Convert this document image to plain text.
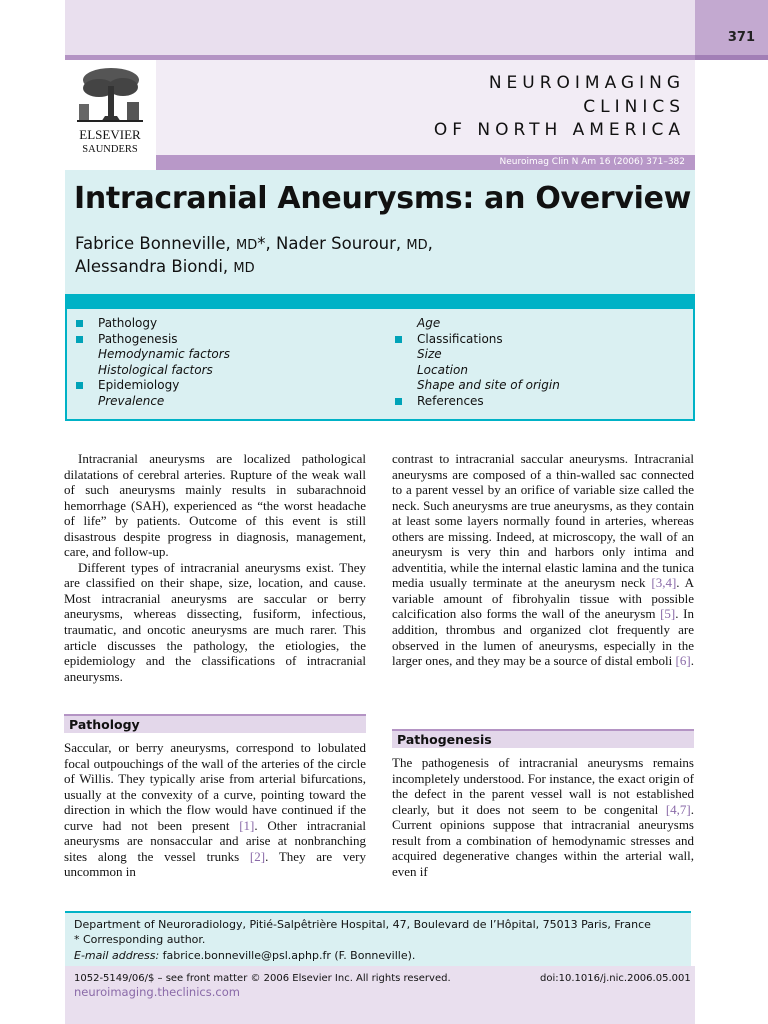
371
ELSEVIER
SAUNDERS
NEUROIMAGING
CLINICS
OF NORTH AMERICA
Neuroimag Clin N Am 16 (2006) 371–382
Intracranial Aneurysms: an Overview
Fabrice Bonneville, MD*, Nader Sourour, MD,
Alessandra Biondi, MD
Pathology
Pathogenesis
Hemodynamic factors
Histological factors
Epidemiology
Prevalence
Age
Classifications
Size
Location
Shape and site of origin
References

Intracranial aneurysms are localized pathological dilatations of cerebral arteries. Rupture of the weak wall of such aneurysms mainly results in subarachnoid hemorrhage (SAH), experienced as “the worst headache of life” by patients. Outcome of this event is still disastrous despite progress in diagnosis, management, care, and follow-up.

Different types of intracranial aneurysms exist. They are classified on their shape, size, location, and cause. Most intracranial aneurysms are saccular or berry aneurysms, whereas dissecting, fusiform, infectious, traumatic, and oncotic aneurysms are much rarer. This article discusses the pathology, the etiologies, the epidemiology and the classifications of intracranial aneurysms.

Pathology

Saccular, or berry aneurysms, correspond to lobulated focal outpouchings of the wall of the arteries of the circle of Willis. They typically arise from arterial bifurcations, usually at the convexity of a curve, pointing toward the direction in which the flow would have continued if the curve had not been present [1]. Other intracranial aneurysms are nonsaccular and arise at nonbranching sites along the vessel trunks [2]. They are very uncommon in

contrast to intracranial saccular aneurysms. Intracranial aneurysms are composed of a thin-walled sac connected to a parent vessel by an orifice of variable size called the neck. Such aneurysms are true aneurysms, as they contain at least some layers normally found in arteries, whereas others are missing. Indeed, at microscopy, the wall of an aneurysm is very thin and harbors only intima and adventitia, while the internal elastic lamina and the tunica media usually terminate at the aneurysm neck [3,4]. A variable amount of fibrohyalin tissue with possible calcification also forms the wall of the aneurysm [5]. In addition, thrombus and organized clot frequently are observed in the lumen of aneurysms, especially in the larger ones, and they may be a source of distal emboli [6].

Pathogenesis

The pathogenesis of intracranial aneurysms remains incompletely understood. For instance, the exact origin of the defect in the parent vessel wall is not established clearly, but it does not seem to be congenital [4,7]. Current opinions suppose that intracranial aneurysms result from a combination of hemodynamic stresses and acquired degenerative changes within the arterial wall, even if

Department of Neuroradiology, Pitié-Salpêtrière Hospital, 47, Boulevard de l’Hôpital, 75013 Paris, France
* Corresponding author.
E-mail address: fabrice.bonneville@psl.aphp.fr (F. Bonneville).
1052-5149/06/$ – see front matter © 2006 Elsevier Inc. All rights reserved.	doi:10.1016/j.nic.2006.05.001
neuroimaging.theclinics.com
